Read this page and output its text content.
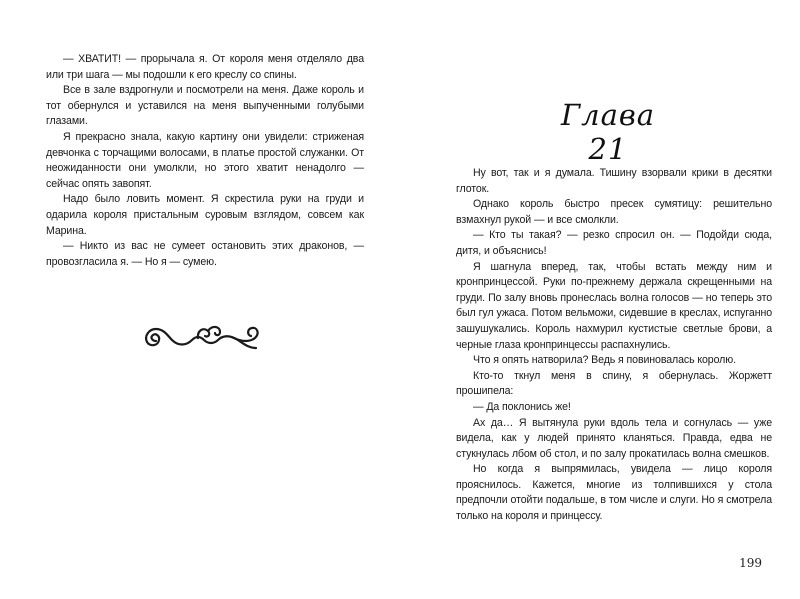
— ХВАТИТ! — прорычала я. От короля меня отделяло два или три шага — мы подошли к его креслу со спины.

Все в зале вздрогнули и посмотрели на меня. Даже король и тот обернулся и уставился на меня выпученными голубыми глазами.

Я прекрасно знала, какую картину они увидели: стриженая девчонка с торчащими волосами, в платье простой служанки. От неожиданности они умолкли, но этого хватит ненадолго — сейчас опять завопят.

Надо было ловить момент. Я скрестила руки на груди и одарила короля пристальным суровым взглядом, совсем как Марина.

— Никто из вас не сумеет остановить этих драконов, — провозгласила я. — Но я — сумею.

Глава 21

Ну вот, так и я думала. Тишину взорвали крики в десятки глоток.

Однако король быстро пресек сумятицу: решительно взмахнул рукой — и все смолкли.

— Кто ты такая? — резко спросил он. — Подойди сюда, дитя, и объяснись!

Я шагнула вперед, так, чтобы встать между ним и кронпринцессой. Руки по-прежнему держала скрещенными на груди. По залу вновь пронеслась волна голосов — но теперь это был гул ужаса. Потом вельможи, сидевшие в креслах, испуганно зашушукались. Король нахмурил кустистые светлые брови, а черные глаза кронпринцессы распахнулись.

Что я опять натворила? Ведь я повиновалась королю.

Кто-то ткнул меня в спину, я обернулась. Жоржетт прошипела:

— Да поклонись же!

Ах да… Я вытянула руки вдоль тела и согнулась — уже видела, как у людей принято кланяться. Правда, едва не стукнулась лбом об стол, и по залу прокатилась волна смешков.

Но когда я выпрямилась, увидела — лицо короля прояснилось. Кажется, многие из толпившихся у стола предпочли отойти подальше, в том числе и слуги. Но я смотрела только на короля и принцессу.

199
